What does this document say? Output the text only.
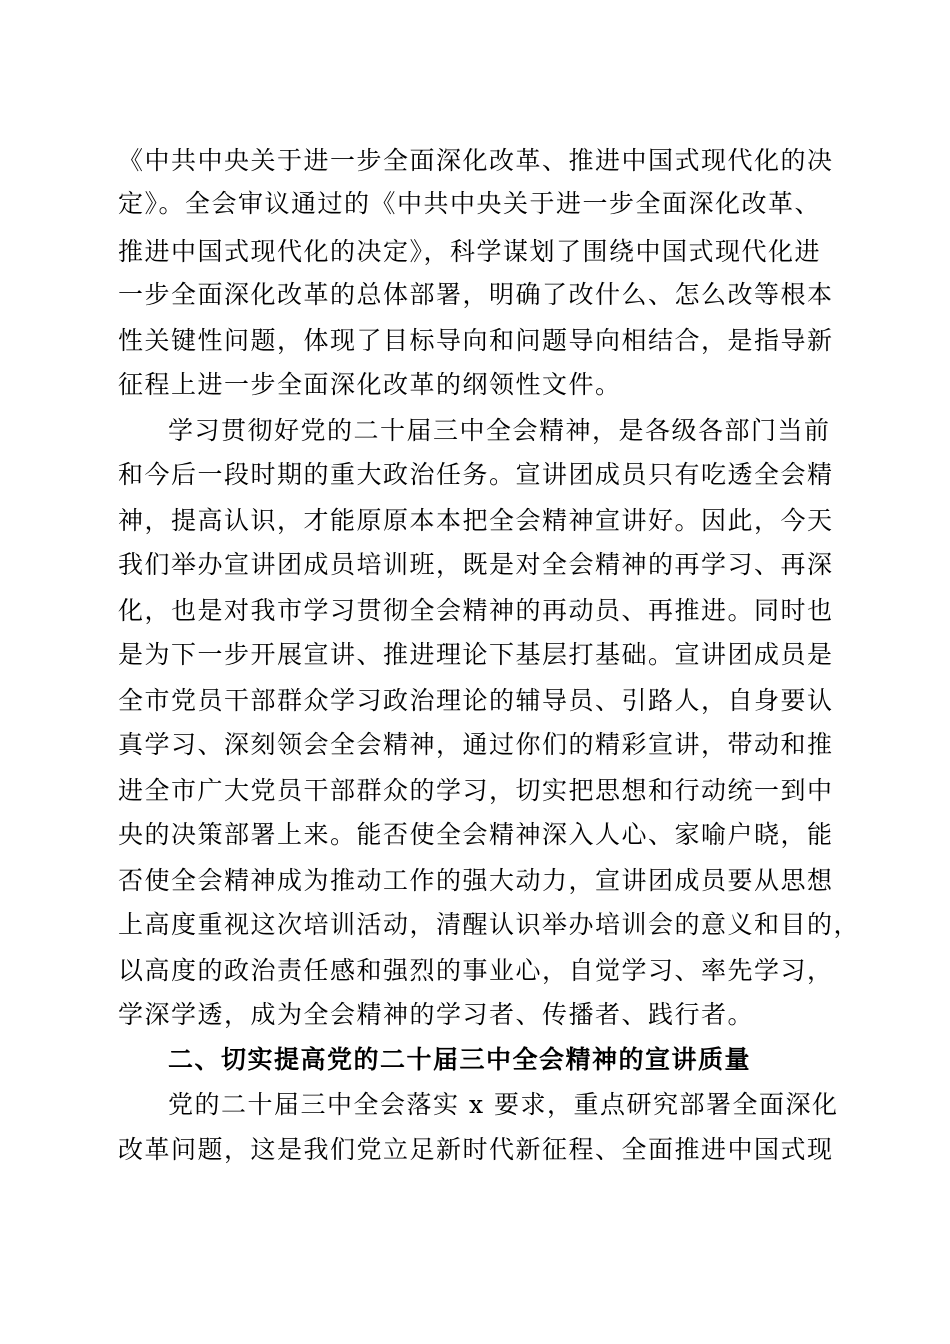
《中共中央关于进一步全面深化改革、推进中国式现代化的决
定》。全会审议通过的《中共中央关于进一步全面深化改革、
推进中国式现代化的决定》，科学谋划了围绕中国式现代化进
一步全面深化改革的总体部署，明确了改什么、怎么改等根本
性关键性问题，体现了目标导向和问题导向相结合，是指导新
征程上进一步全面深化改革的纲领性文件。
学习贯彻好党的二十届三中全会精神，是各级各部门当前
和今后一段时期的重大政治任务。宣讲团成员只有吃透全会精
神，提高认识，才能原原本本把全会精神宣讲好。因此，今天
我们举办宣讲团成员培训班，既是对全会精神的再学习、再深
化，也是对我市学习贯彻全会精神的再动员、再推进。同时也
是为下一步开展宣讲、推进理论下基层打基础。宣讲团成员是
全市党员干部群众学习政治理论的辅导员、引路人，自身要认
真学习、深刻领会全会精神，通过你们的精彩宣讲，带动和推
进全市广大党员干部群众的学习，切实把思想和行动统一到中
央的决策部署上来。能否使全会精神深入人心、家喻户晓，能
否使全会精神成为推动工作的强大动力，宣讲团成员要从思想
上高度重视这次培训活动，清醒认识举办培训会的意义和目的，
以高度的政治责任感和强烈的事业心，自觉学习、率先学习，
学深学透，成为全会精神的学习者、传播者、践行者。
二、切实提高党的二十届三中全会精神的宣讲质量
党的二十届三中全会落实 x 要求，重点研究部署全面深化
改革问题，这是我们党立足新时代新征程、全面推进中国式现
